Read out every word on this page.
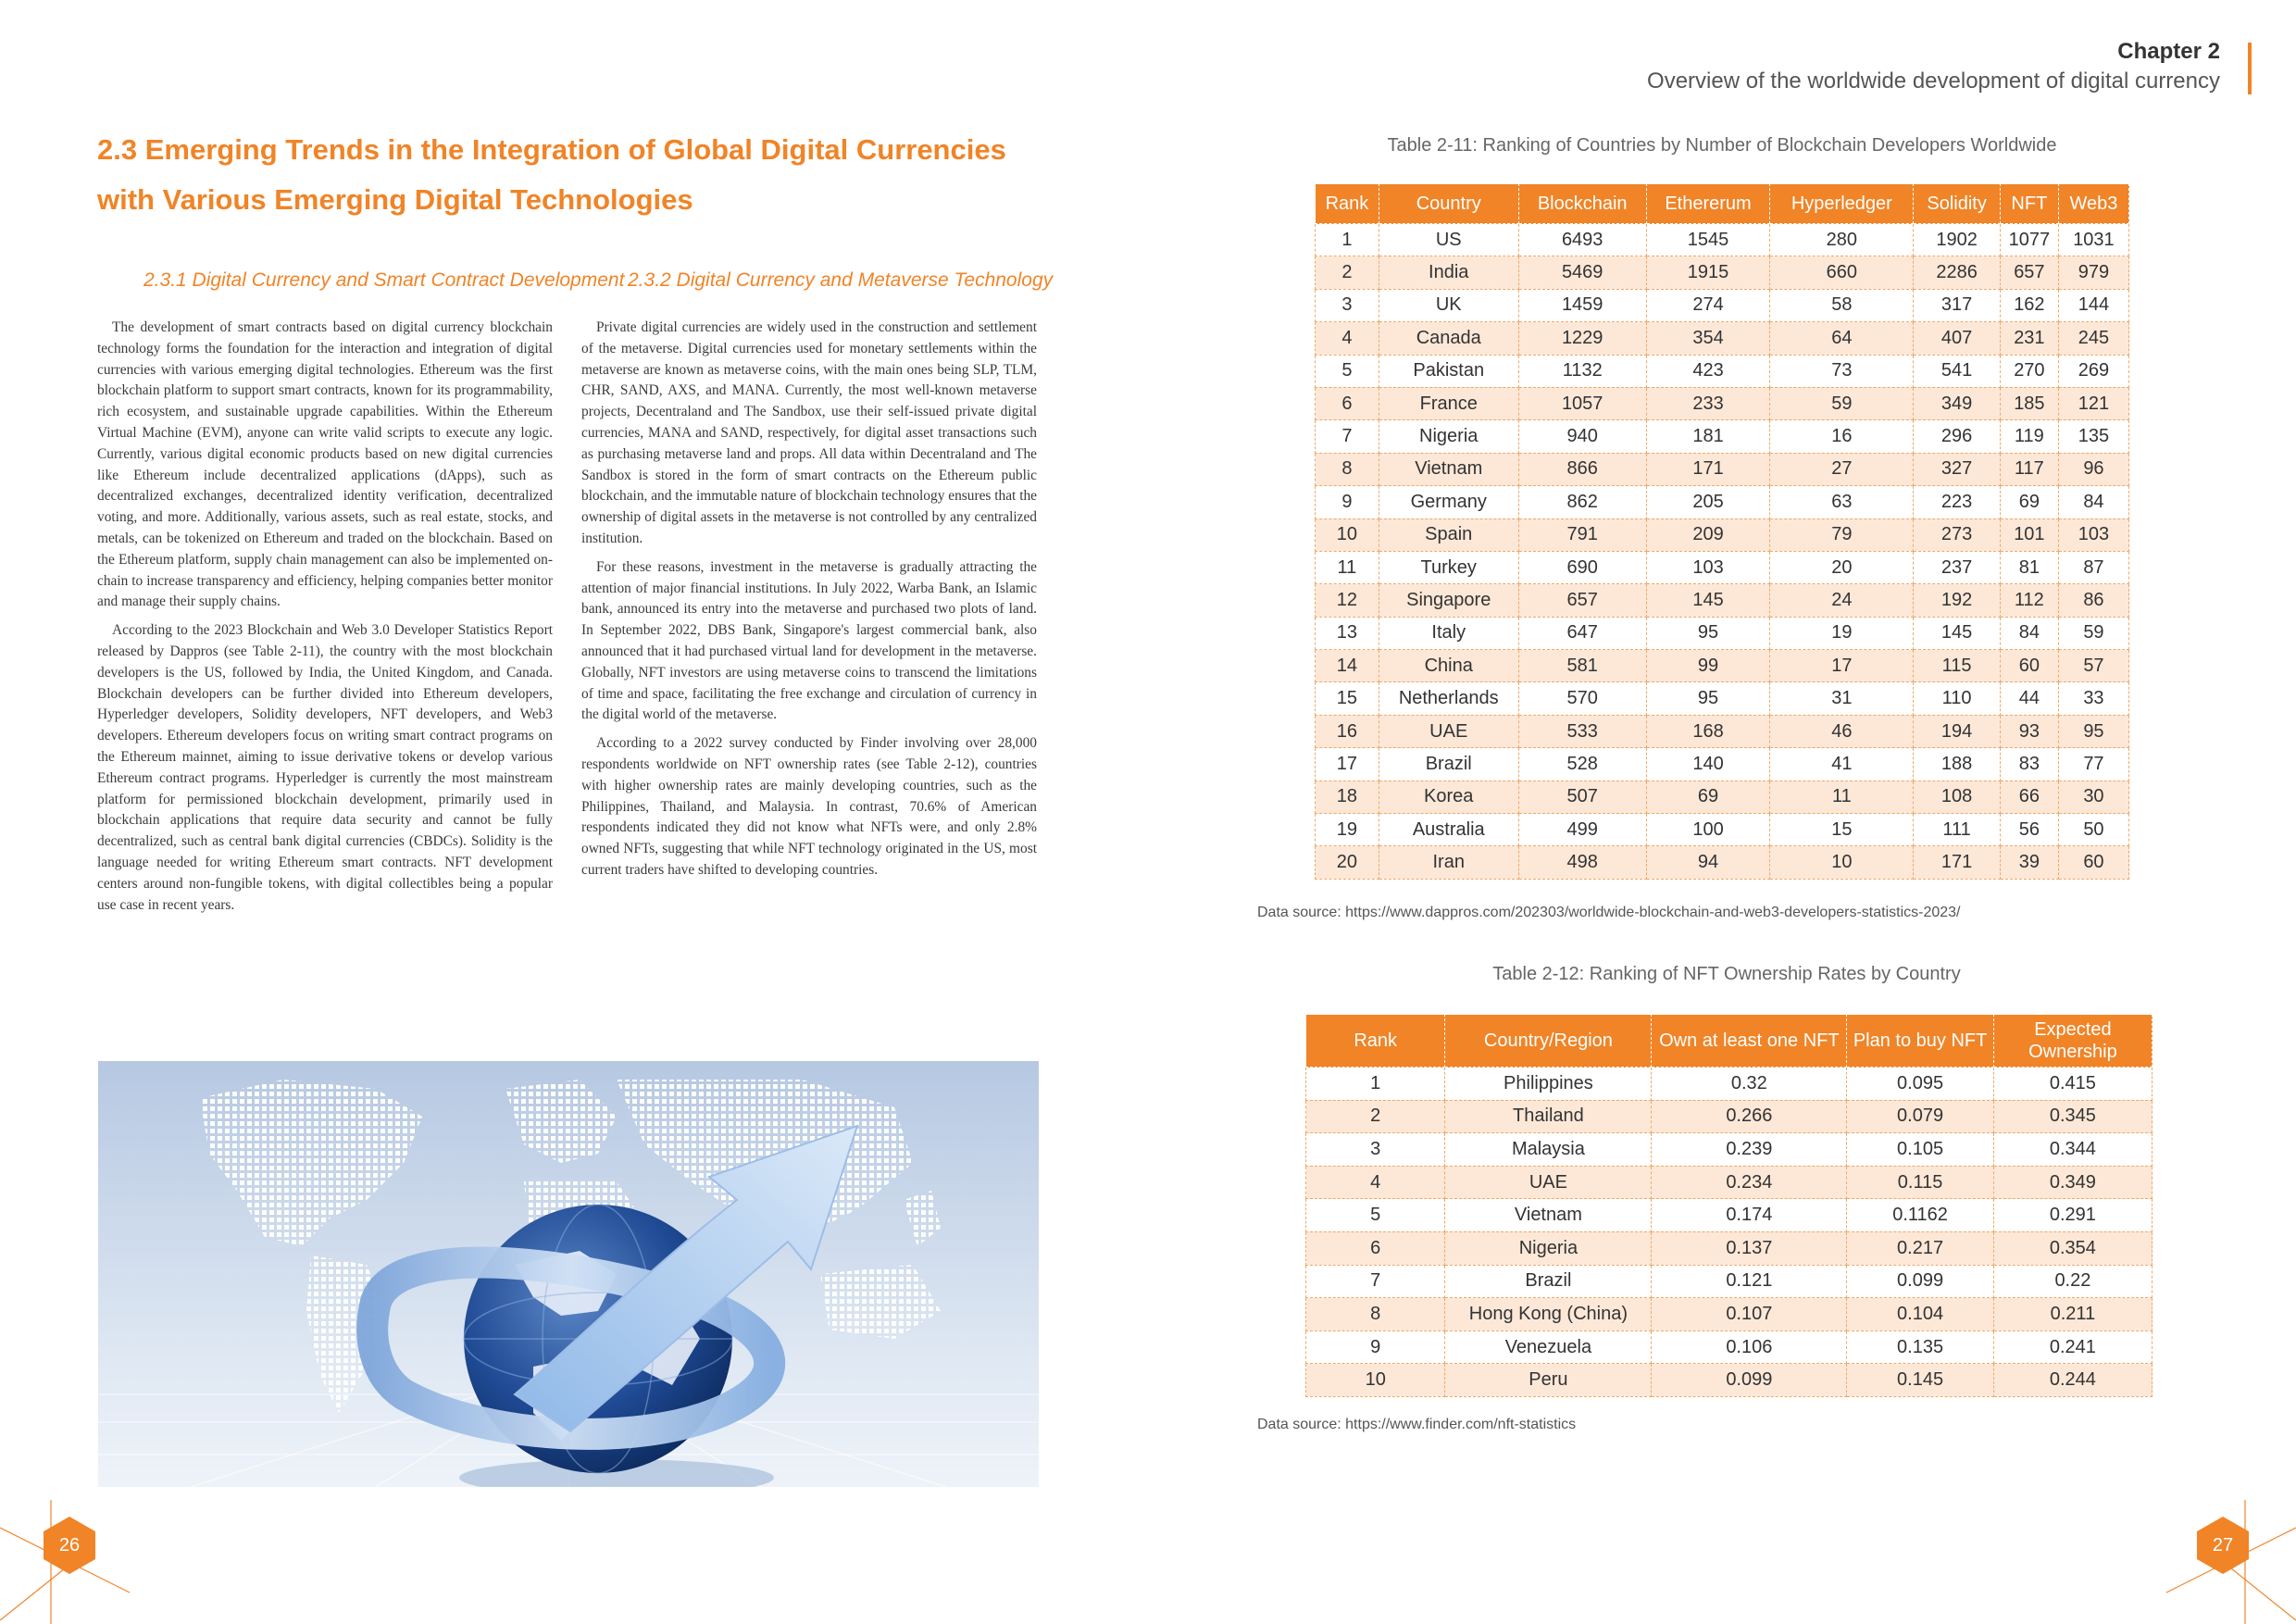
Chapter 2
Overview of the worldwide development of digital currency
2.3 Emerging Trends in the Integration of Global Digital Currencies with Various Emerging Digital Technologies
2.3.1 Digital Currency and Smart Contract Development 2.3.2 Digital Currency and Metaverse Technology

The development of smart contracts based on digital currency blockchain technology forms the foundation for the interaction and integration of digital currencies with various emerging digital technologies. Ethereum was the first blockchain platform to support smart contracts, known for its programmability, rich ecosystem, and sustainable upgrade capabilities. Within the Ethereum Virtual Machine (EVM), anyone can write valid scripts to execute any logic. Currently, various digital economic products based on new digital currencies like Ethereum include decentralized applications (dApps), such as decentralized exchanges, decentralized identity verification, decentralized voting, and more. Additionally, various assets, such as real estate, stocks, and metals, can be tokenized on Ethereum and traded on the blockchain. Based on the Ethereum platform, supply chain management can also be implemented on-chain to increase transparency and efficiency, helping companies better monitor and manage their supply chains.

According to the 2023 Blockchain and Web 3.0 Developer Statistics Report released by Dappros (see Table 2-11), the country with the most blockchain developers is the US, followed by India, the United Kingdom, and Canada. Blockchain developers can be further divided into Ethereum developers, Hyperledger developers, Solidity developers, NFT developers, and Web3 developers. Ethereum developers focus on writing smart contract programs on the Ethereum mainnet, aiming to issue derivative tokens or develop various Ethereum contract programs. Hyperledger is currently the most mainstream platform for permissioned blockchain development, primarily used in blockchain applications that require data security and cannot be fully decentralized, such as central bank digital currencies (CBDCs). Solidity is the language needed for writing Ethereum smart contracts. NFT development centers around non-fungible tokens, with digital collectibles being a popular use case in recent years.

Private digital currencies are widely used in the construction and settlement of the metaverse. Digital currencies used for monetary settlements within the metaverse are known as metaverse coins, with the main ones being SLP, TLM, CHR, SAND, AXS, and MANA. Currently, the most well-known metaverse projects, Decentraland and The Sandbox, use their self-issued private digital currencies, MANA and SAND, respectively, for digital asset transactions such as purchasing metaverse land and props. All data within Decentraland and The Sandbox is stored in the form of smart contracts on the Ethereum public blockchain, and the immutable nature of blockchain technology ensures that the ownership of digital assets in the metaverse is not controlled by any centralized institution.

For these reasons, investment in the metaverse is gradually attracting the attention of major financial institutions. In July 2022, Warba Bank, an Islamic bank, announced its entry into the metaverse and purchased two plots of land. In September 2022, DBS Bank, Singapore's largest commercial bank, also announced that it had purchased virtual land for development in the metaverse. Globally, NFT investors are using metaverse coins to transcend the limitations of time and space, facilitating the free exchange and circulation of currency in the digital world of the metaverse.

According to a 2022 survey conducted by Finder involving over 28,000 respondents worldwide on NFT ownership rates (see Table 2-12), countries with higher ownership rates are mainly developing countries, such as the Philippines, Thailand, and Malaysia. In contrast, 70.6% of American respondents indicated they did not know what NFTs were, and only 2.8% owned NFTs, suggesting that while NFT technology originated in the US, most current traders have shifted to developing countries.

26	27
Table 2-11: Ranking of Countries by Number of Blockchain Developers Worldwide
Rank	Country	Blockchain	Ethererum	Hyperledger	Solidity	NFT	Web3
1	US	6493	1545	280	1902	1077	1031
2	India	5469	1915	660	2286	657	979
3	UK	1459	274	58	317	162	144
4	Canada	1229	354	64	407	231	245
5	Pakistan	1132	423	73	541	270	269
6	France	1057	233	59	349	185	121
7	Nigeria	940	181	16	296	119	135
8	Vietnam	866	171	27	327	117	96
9	Germany	862	205	63	223	69	84
10	Spain	791	209	79	273	101	103
11	Turkey	690	103	20	237	81	87
12	Singapore	657	145	24	192	112	86
13	Italy	647	95	19	145	84	59
14	China	581	99	17	115	60	57
15	Netherlands	570	95	31	110	44	33
16	UAE	533	168	46	194	93	95
17	Brazil	528	140	41	188	83	77
18	Korea	507	69	11	108	66	30
19	Australia	499	100	15	111	56	50
20	Iran	498	94	10	171	39	60
Data source: https://www.dappros.com/202303/worldwide-blockchain-and-web3-developers-statistics-2023/
Table 2-12: Ranking of NFT Ownership Rates by Country
Rank	Country/Region	Own at least one NFT	Plan to buy NFT	Expected Ownership
1	Philippines	0.32	0.095	0.415
2	Thailand	0.266	0.079	0.345
3	Malaysia	0.239	0.105	0.344
4	UAE	0.234	0.115	0.349
5	Vietnam	0.174	0.1162	0.291
6	Nigeria	0.137	0.217	0.354
7	Brazil	0.121	0.099	0.22
8	Hong Kong (China)	0.107	0.104	0.211
9	Venezuela	0.106	0.135	0.241
10	Peru	0.099	0.145	0.244
Data source: https://www.finder.com/nft-statistics
